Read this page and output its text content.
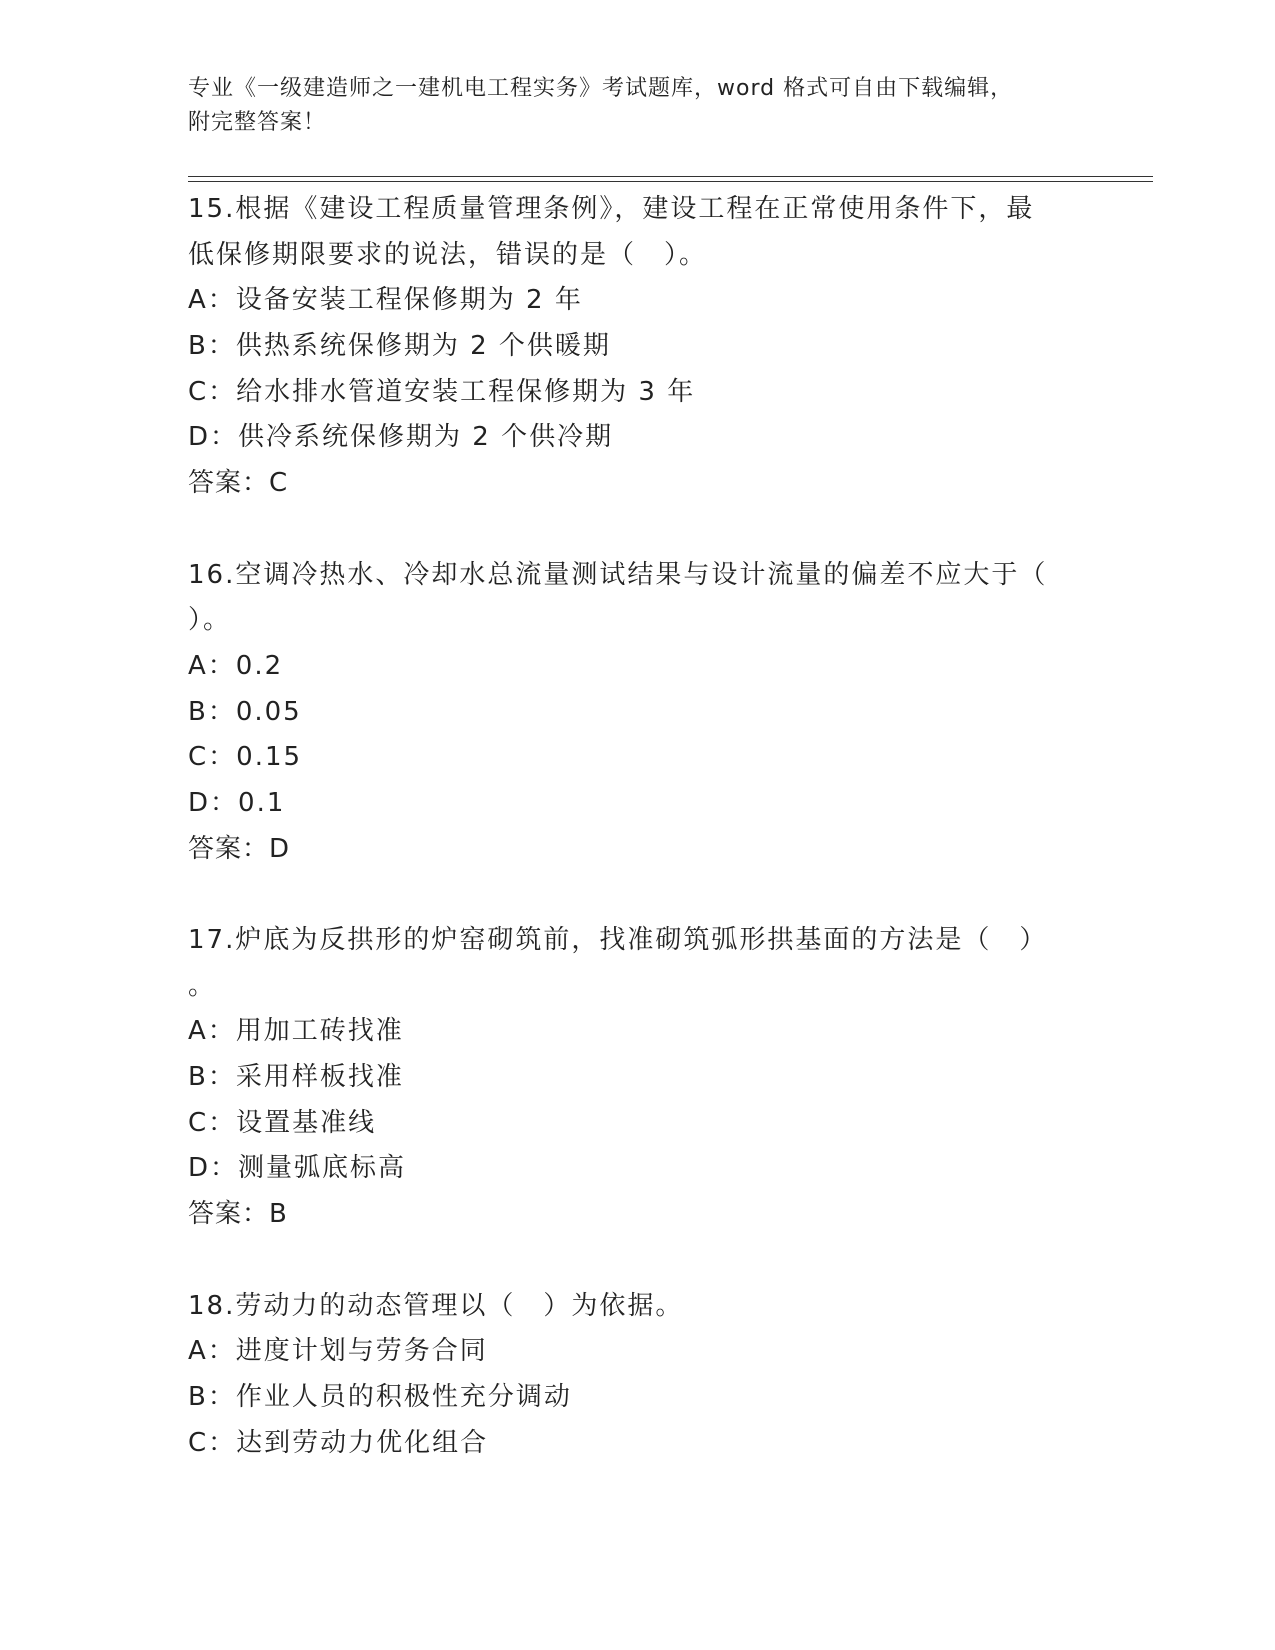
专业《一级建造师之一建机电工程实务》考试题库，word 格式可自由下载编辑，
附完整答案！
15.根据《建设工程质量管理条例》，建设工程在正常使用条件下，最
低保修期限要求的说法，错误的是（　）。
A：设备安装工程保修期为 2 年
B：供热系统保修期为 2 个供暖期
C：给水排水管道安装工程保修期为 3 年
D：供冷系统保修期为 2 个供冷期
答案：C
16.空调冷热水、冷却水总流量测试结果与设计流量的偏差不应大于（
）。
A：0.2
B：0.05
C：0.15
D：0.1
答案：D
17.炉底为反拱形的炉窑砌筑前，找准砌筑弧形拱基面的方法是（　）
。
A：用加工砖找准
B：采用样板找准
C：设置基准线
D：测量弧底标高
答案：B
18.劳动力的动态管理以（　）为依据。
A：进度计划与劳务合同
B：作业人员的积极性充分调动
C：达到劳动力优化组合
